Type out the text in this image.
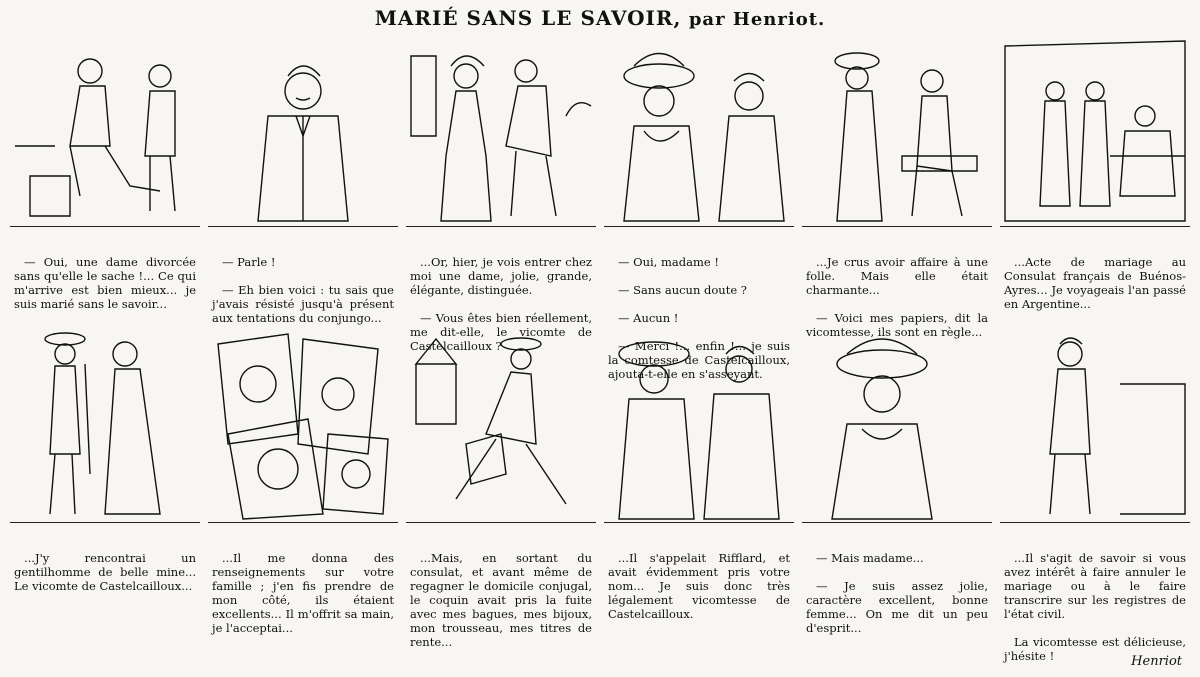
MARIÉ SANS LE SAVOIR, par Henriot.

— Oui, une dame divorcée sans qu'elle le sache !... Ce qui m'arrive est bien mieux... je suis marié sans le savoir...

— Parle !

— Eh bien voici : tu sais que j'avais résisté jusqu'à présent aux tentations du conjungo...

...Or, hier, je vois entrer chez moi une dame, jolie, grande, élégante, distinguée.

— Vous êtes bien réellement, me dit-elle, le vicomte de Castelcailloux ?

— Oui, madame !

— Sans aucun doute ?

— Aucun !

— Merci !... enfin !... je suis la comtesse de Castelcailloux, ajouta-t-elle en s'asseyant.

...Je crus avoir affaire à une folle. Mais elle était charmante...

— Voici mes papiers, dit la vicomtesse, ils sont en règle...

...Acte de mariage au Consulat français de Buénos-Ayres... Je voyageais l'an passé en Argentine...

...J'y rencontrai un gentilhomme de belle mine... Le vicomte de Castelcailloux...

...Il me donna des renseignements sur votre famille ; j'en fis prendre de mon côté, ils étaient excellents... Il m'offrit sa main, je l'acceptai...

...Mais, en sortant du consulat, et avant même de regagner le domicile conjugal, le coquin avait pris la fuite avec mes bagues, mes bijoux, mon trousseau, mes titres de rente...

...Il s'appelait Rifflard, et avait évidemment pris votre nom... Je suis donc très légalement vicomtesse de Castelcailloux.

— Mais madame...

— Je suis assez jolie, caractère excellent, bonne femme... On me dit un peu d'esprit...

Henriot

...Il s'agit de savoir si vous avez intérêt à faire annuler le mariage ou à le faire transcrire sur les registres de l'état civil.

La vicomtesse est délicieuse, j'hésite !
